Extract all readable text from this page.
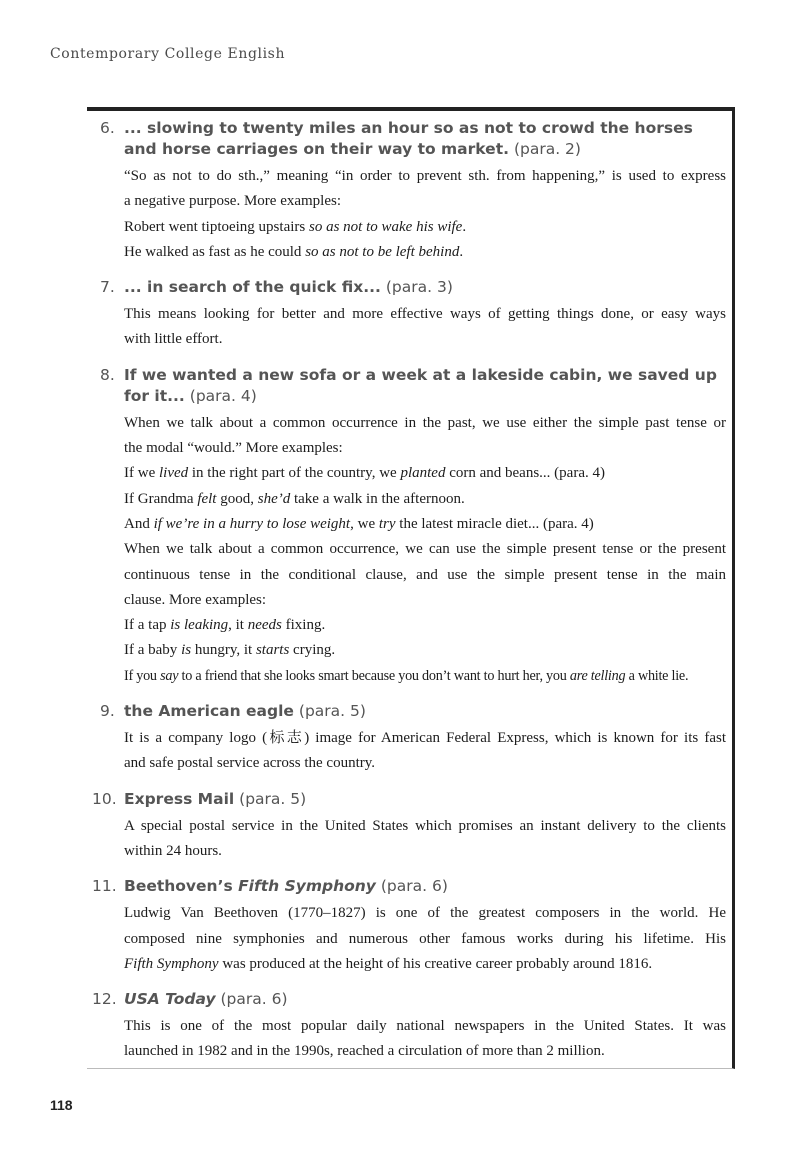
Contemporary College English
6. ... slowing to twenty miles an hour so as not to crowd the horses and horse carriages on their way to market. (para. 2)

“So as not to do sth.,” meaning “in order to prevent sth. from happening,” is used to express

a negative purpose. More examples:

Robert went tiptoeing upstairs so as not to wake his wife.

He walked as fast as he could so as not to be left behind.

7. ... in search of the quick fix... (para. 3)

This means looking for better and more effective ways of getting things done, or easy ways

with little effort.

8. If we wanted a new sofa or a week at a lakeside cabin, we saved up for it... (para. 4)

When we talk about a common occurrence in the past, we use either the simple past tense or

the modal “would.” More examples:

If we lived in the right part of the country, we planted corn and beans... (para. 4)

If Grandma felt good, she’d take a walk in the afternoon.

And if we’re in a hurry to lose weight, we try the latest miracle diet... (para. 4)

When we talk about a common occurrence, we can use the simple present tense or the present

continuous tense in the conditional clause, and use the simple present tense in the main

clause. More examples:

If a tap is leaking, it needs fixing.

If a baby is hungry, it starts crying.

If you say to a friend that she looks smart because you don’t want to hurt her, you are telling a white lie.

9. the American eagle (para. 5)

It is a company logo (标志) image for American Federal Express, which is known for its fast

and safe postal service across the country.

10. Express Mail (para. 5)

A special postal service in the United States which promises an instant delivery to the clients

within 24 hours.

11. Beethoven’s Fifth Symphony (para. 6)

Ludwig Van Beethoven (1770–1827) is one of the greatest composers in the world. He

composed nine symphonies and numerous other famous works during his lifetime. His

Fifth Symphony was produced at the height of his creative career probably around 1816.

12. USA Today (para. 6)

This is one of the most popular daily national newspapers in the United States. It was

launched in 1982 and in the 1990s, reached a circulation of more than 2 million.

118
